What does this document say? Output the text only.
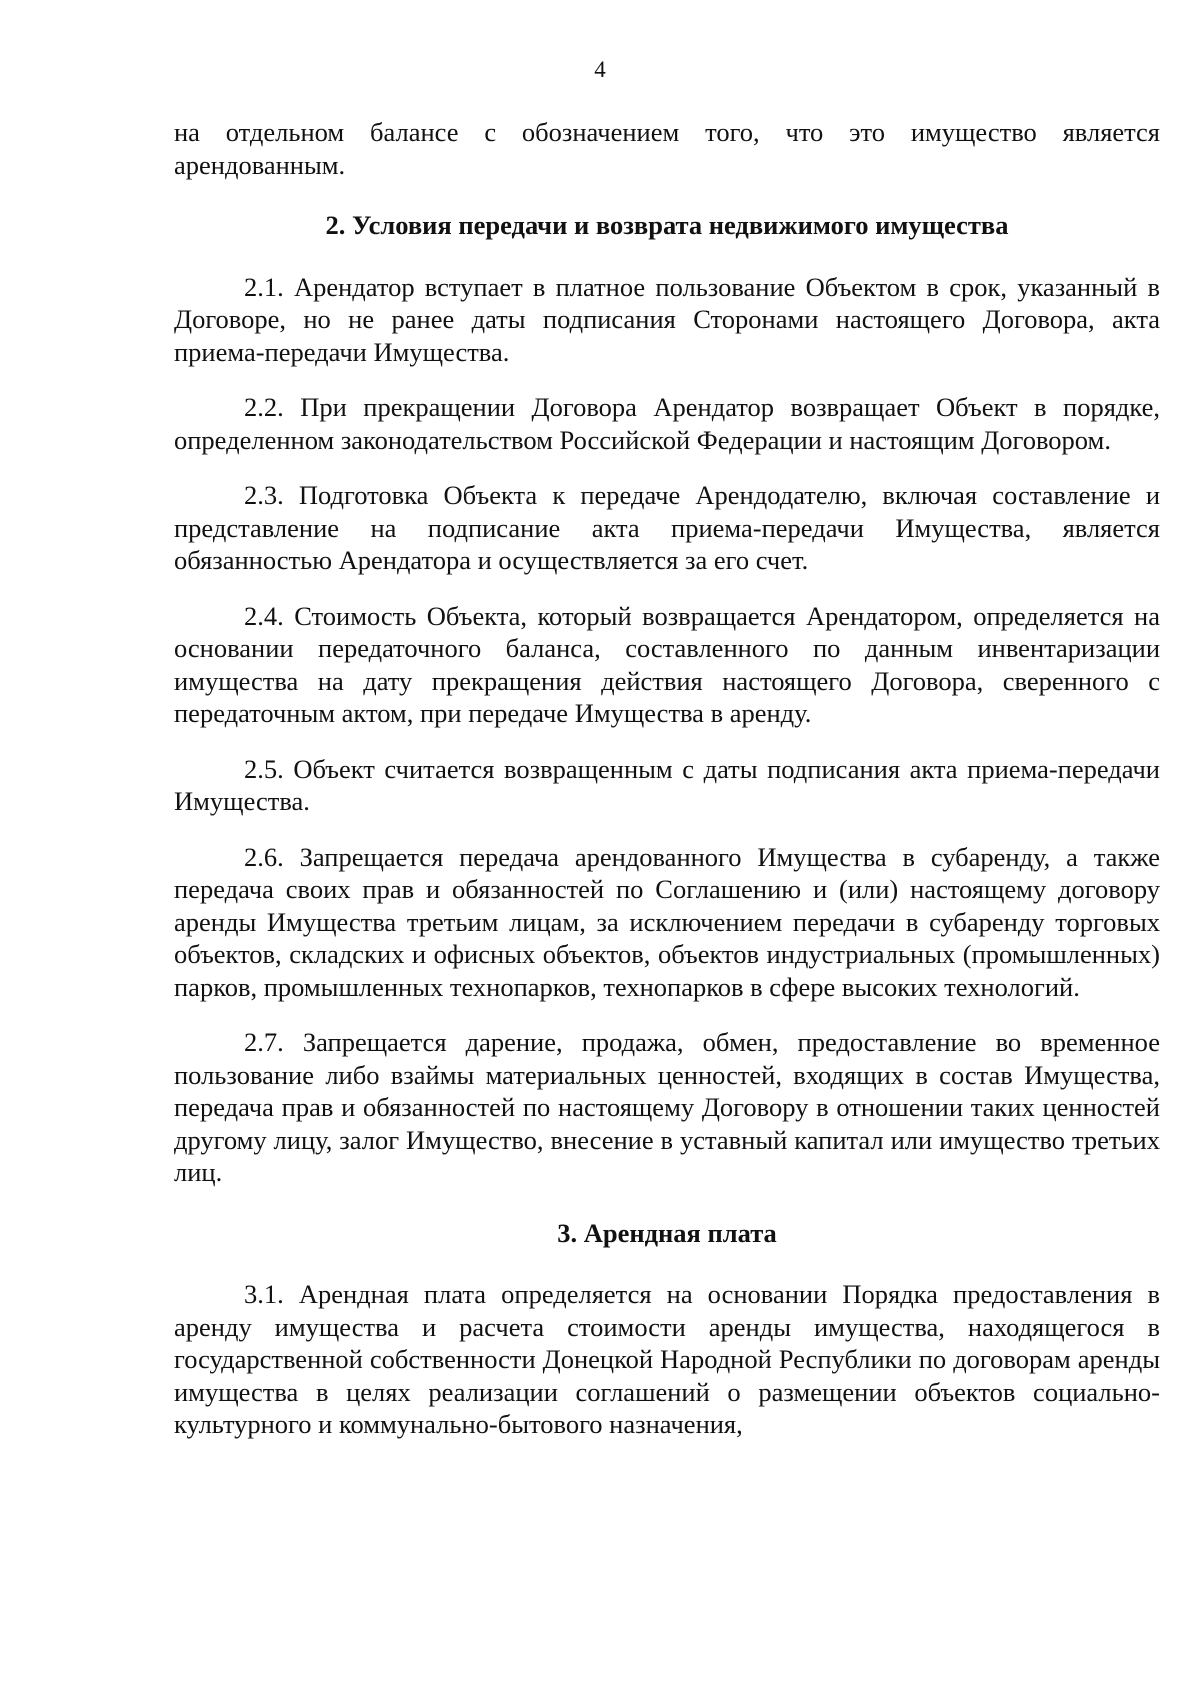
4

на отдельном балансе с обозначением того, что это имущество является арендованным.

2. Условия передачи и возврата недвижимого имущества

2.1. Арендатор вступает в платное пользование Объектом в срок, указанный в Договоре, но не ранее даты подписания Сторонами настоящего Договора, акта приема-передачи Имущества.

2.2. При прекращении Договора Арендатор возвращает Объект в порядке, определенном законодательством Российской Федерации и настоящим Договором.

2.3. Подготовка Объекта к передаче Арендодателю, включая составление и представление на подписание акта приема-передачи Имущества, является обязанностью Арендатора и осуществляется за его счет.

2.4. Стоимость Объекта, который возвращается Арендатором, определяется на основании передаточного баланса, составленного по данным инвентаризации имущества на дату прекращения действия настоящего Договора, сверенного с передаточным актом, при передаче Имущества в аренду.

2.5. Объект считается возвращенным с даты подписания акта приема-передачи Имущества.

2.6. Запрещается передача арендованного Имущества в субаренду, а также передача своих прав и обязанностей по Соглашению и (или) настоящему договору аренды Имущества третьим лицам, за исключением передачи в субаренду торговых объектов, складских и офисных объектов, объектов индустриальных (промышленных) парков, промышленных технопарков, технопарков в сфере высоких технологий.

2.7. Запрещается дарение, продажа, обмен, предоставление во временное пользование либо взаймы материальных ценностей, входящих в состав Имущества, передача прав и обязанностей по настоящему Договору в отношении таких ценностей другому лицу, залог Имущество, внесение в уставный капитал или имущество третьих лиц.

3. Арендная плата

3.1. Арендная плата определяется на основании Порядка предоставления в аренду имущества и расчета стоимости аренды имущества, находящегося в государственной собственности Донецкой Народной Республики по договорам аренды имущества в целях реализации соглашений о размещении объектов социально-культурного и коммунально-бытового назначения,
